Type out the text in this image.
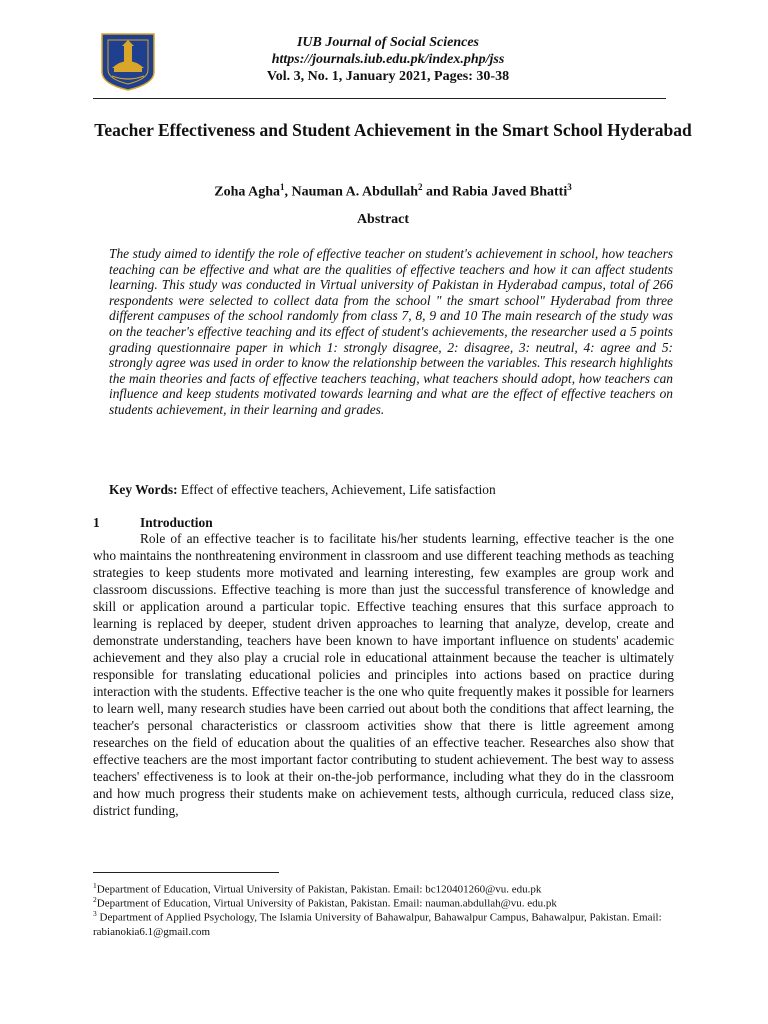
IUB Journal of Social Sciences
https://journals.iub.edu.pk/index.php/jss
Vol. 3, No. 1, January 2021, Pages: 30-38
Teacher Effectiveness and Student Achievement in the Smart School Hyderabad
Zoha Agha$^1$, Nauman A. Abdullah$^2$ and Rabia Javed Bhatti$^3$
Abstract

The study aimed to identify the role of effective teacher on student's achievement in school, how teachers teaching can be effective and what are the qualities of effective teachers and how it can affect students learning. This study was conducted in Virtual university of Pakistan in Hyderabad campus, total of 266 respondents were selected to collect data from the school " the smart school" Hyderabad from three different campuses of the school randomly from class 7, 8, 9 and 10 The main research of the study was on the teacher's effective teaching and its effect of student's achievements, the researcher used a 5 points grading questionnaire paper in which 1: strongly disagree, 2: disagree, 3: neutral, 4: agree and 5: strongly agree was used in order to know the relationship between the variables. This research highlights the main theories and facts of effective teachers teaching, what teachers should adopt, how teachers can influence and keep students motivated towards learning and what are the effect of effective teachers on students achievement, in their learning and grades.

Key Words: Effect of effective teachers, Achievement, Life satisfaction

1	Introduction

Role of an effective teacher is to facilitate his/her students learning, effective teacher is the one who maintains the nonthreatening environment in classroom and use different teaching methods as teaching strategies to keep students more motivated and learning interesting, few examples are group work and classroom discussions. Effective teaching is more than just the successful transference of knowledge and skill or application around a particular topic. Effective teaching ensures that this surface approach to learning is replaced by deeper, student driven approaches to learning that analyze, develop, create and demonstrate understanding, teachers have been known to have important influence on students' academic achievement and they also play a crucial role in educational attainment because the teacher is ultimately responsible for translating educational policies and principles into actions based on practice during interaction with the students. Effective teacher is the one who quite frequently makes it possible for learners to learn well, many research studies have been carried out about both the conditions that affect learning, the teacher's personal characteristics or classroom activities show that there is little agreement among researches on the field of education about the qualities of an effective teacher. Researches also show that effective teachers are the most important factor contributing to student achievement. The best way to assess teachers' effectiveness is to look at their on-the-job performance, including what they do in the classroom and how much progress their students make on achievement tests, although curricula, reduced class size, district funding,

$^1$Department of Education, Virtual University of Pakistan, Pakistan. Email: bc120401260@vu. edu.pk

$^2$Department of Education, Virtual University of Pakistan, Pakistan. Email: nauman.abdullah@vu. edu.pk

$^3$ Department of Applied Psychology, The Islamia University of Bahawalpur, Bahawalpur Campus, Bahawalpur, Pakistan. Email: rabianokia6.1@gmail.com
